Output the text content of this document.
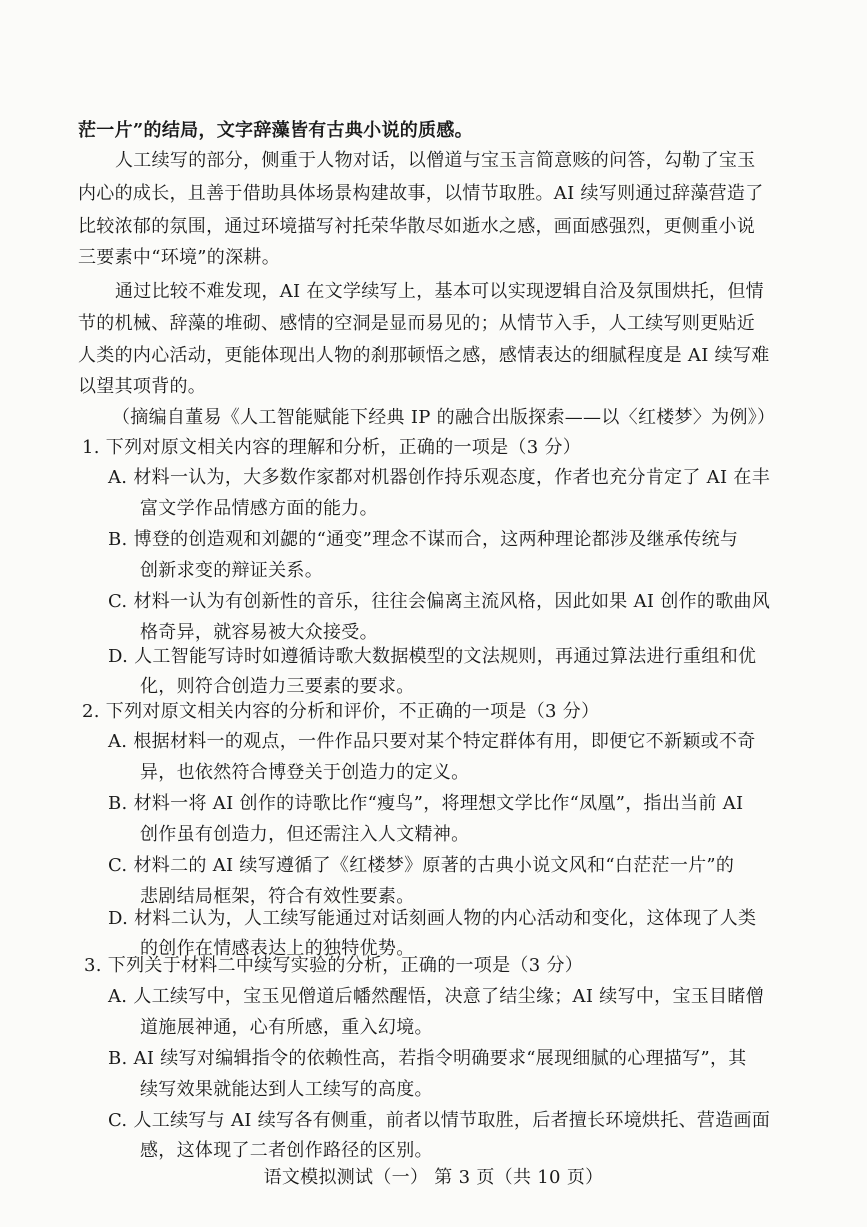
茫一片”的结局，文字辞藻皆有古典小说的质感。
人工续写的部分，侧重于人物对话，以僧道与宝玉言简意赅的问答，勾勒了宝玉
内心的成长，且善于借助具体场景构建故事，以情节取胜。AI 续写则通过辞藻营造了
比较浓郁的氛围，通过环境描写衬托荣华散尽如逝水之感，画面感强烈，更侧重小说
三要素中“环境”的深耕。
通过比较不难发现，AI 在文学续写上，基本可以实现逻辑自洽及氛围烘托，但情
节的机械、辞藻的堆砌、感情的空洞是显而易见的；从情节入手，人工续写则更贴近
人类的内心活动，更能体现出人物的刹那顿悟之感，感情表达的细腻程度是 AI 续写难
以望其项背的。
（摘编自董易《人工智能赋能下经典 IP 的融合出版探索——以〈红楼梦〉为例》）
1. 下列对原文相关内容的理解和分析，正确的一项是（3 分）
A. 材料一认为，大多数作家都对机器创作持乐观态度，作者也充分肯定了 AI 在丰
富文学作品情感方面的能力。
B. 博登的创造观和刘勰的“通变”理念不谋而合，这两种理论都涉及继承传统与
创新求变的辩证关系。
C. 材料一认为有创新性的音乐，往往会偏离主流风格，因此如果 AI 创作的歌曲风
格奇异，就容易被大众接受。
D. 人工智能写诗时如遵循诗歌大数据模型的文法规则，再通过算法进行重组和优
化，则符合创造力三要素的要求。
2. 下列对原文相关内容的分析和评价，不正确的一项是（3 分）
A. 根据材料一的观点，一件作品只要对某个特定群体有用，即便它不新颖或不奇
异，也依然符合博登关于创造力的定义。
B. 材料一将 AI 创作的诗歌比作“瘦鸟”，将理想文学比作“凤凰”，指出当前 AI
创作虽有创造力，但还需注入人文精神。
C. 材料二的 AI 续写遵循了《红楼梦》原著的古典小说文风和“白茫茫一片”的
悲剧结局框架，符合有效性要素。
D. 材料二认为，人工续写能通过对话刻画人物的内心活动和变化，这体现了人类
的创作在情感表达上的独特优势。
3. 下列关于材料二中续写实验的分析，正确的一项是（3 分）
A. 人工续写中，宝玉见僧道后幡然醒悟，决意了结尘缘；AI 续写中，宝玉目睹僧
道施展神通，心有所感，重入幻境。
B. AI 续写对编辑指令的依赖性高，若指令明确要求“展现细腻的心理描写”，其
续写效果就能达到人工续写的高度。
C. 人工续写与 AI 续写各有侧重，前者以情节取胜，后者擅长环境烘托、营造画面
感，这体现了二者创作路径的区别。
语文模拟测试（一） 第 3 页（共 10 页）
